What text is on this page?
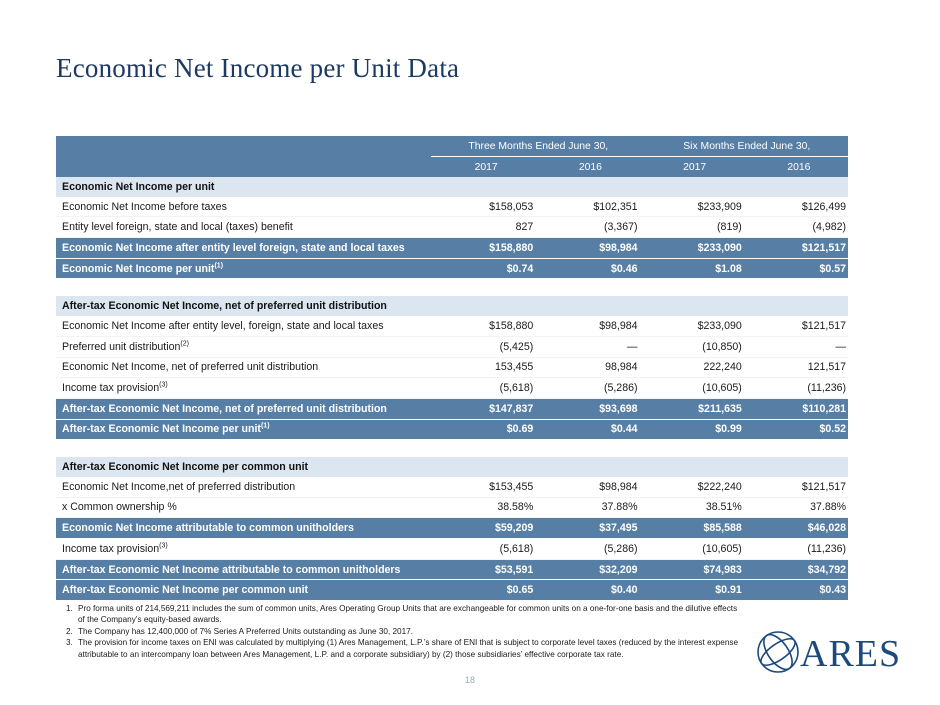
Economic Net Income per Unit Data
	Three Months Ended June 30,		Six Months Ended June 30,	
	2017	2016	2017	2016
Economic Net Income per unit				
Economic Net Income before taxes	$158,053	$102,351	$233,909	$126,499
Entity level foreign, state and local (taxes) benefit	827	(3,367)	(819)	(4,982)
Economic Net Income after entity level foreign, state and local taxes	$158,880	$98,984	$233,090	$121,517
Economic Net Income per unit$^{(1)}$	$0.74	$0.46	$1.08	$0.57

After-tax Economic Net Income, net of preferred unit distribution				
Economic Net Income after entity level, foreign, state and local taxes	$158,880	$98,984	$233,090	$121,517
Preferred unit distribution$^{(2)}$	(5,425)	—	(10,850)	—
Economic Net Income, net of preferred unit distribution	153,455	98,984	222,240	121,517
Income tax provision$^{(3)}$	(5,618)	(5,286)	(10,605)	(11,236)
After-tax Economic Net Income, net of preferred unit distribution	$147,837	$93,698	$211,635	$110,281
After-tax Economic Net Income per unit$^{(1)}$	$0.69	$0.44	$0.99	$0.52

After-tax Economic Net Income per common unit				
Economic Net Income,net of preferred distribution	$153,455	$98,984	$222,240	$121,517
x Common ownership %	38.58%	37.88%	38.51%	37.88%
Economic Net Income attributable to common unitholders	$59,209	$37,495	$85,588	$46,028
Income tax provision$^{(3)}$	(5,618)	(5,286)	(10,605)	(11,236)
After-tax Economic Net Income attributable to common unitholders	$53,591	$32,209	$74,983	$34,792
After-tax Economic Net Income per common unit	$0.65	$0.40	$0.91	$0.43
1. Pro forma units of 214,569,211 includes the sum of common units, Ares Operating Group Units that are exchangeable for common units on a one-for-one basis and the dilutive effects of the Company’s equity-based awards.
2. The Company has 12,400,000 of 7% Series A Preferred Units outstanding as June 30, 2017.
3. The provision for income taxes on ENI was calculated by multiplying (1) Ares Management, L.P.’s share of ENI that is subject to corporate level taxes (reduced by the interest expense attributable to an intercompany loan between Ares Management, L.P. and a corporate subsidiary) by (2) those subsidiaries’ effective corporate tax rate.
18
ARES
